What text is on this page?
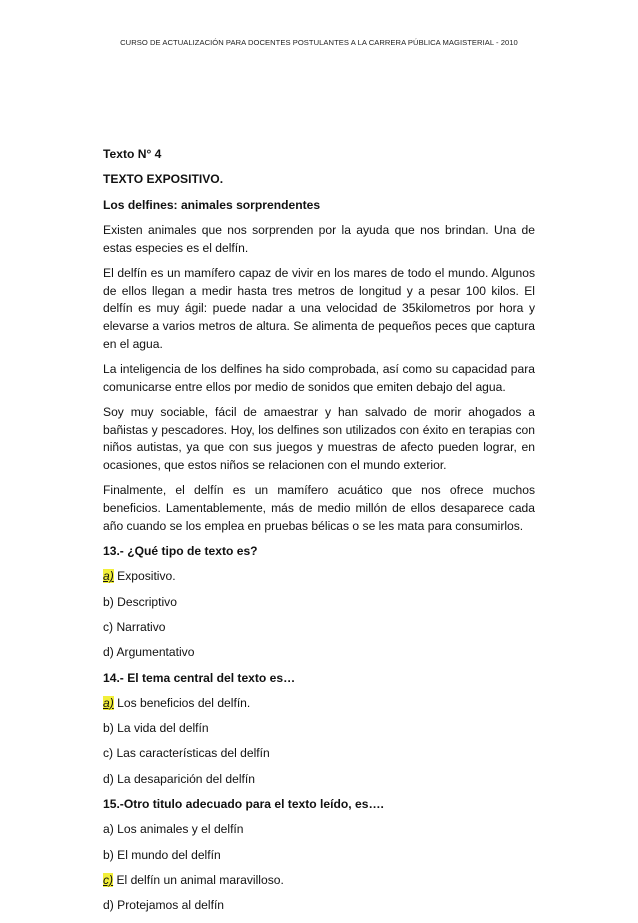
CURSO DE ACTUALIZACIÓN PARA DOCENTES POSTULANTES A LA CARRERA PÚBLICA MAGISTERIAL - 2010

Texto N° 4

TEXTO EXPOSITIVO.

Los delfines: animales sorprendentes

Existen animales que nos sorprenden por la ayuda que nos brindan. Una de estas especies es el delfín.

El delfín es un mamífero capaz de vivir en los mares de todo el mundo. Algunos de ellos llegan a medir hasta tres metros de longitud y a pesar 100 kilos. El delfín es muy ágil: puede nadar a una velocidad de 35kilometros por hora y elevarse a varios metros de altura. Se alimenta de pequeños peces que captura en el agua.

La inteligencia de los delfines ha sido comprobada, así como su capacidad para comunicarse entre ellos por medio de sonidos que emiten debajo del agua.

Soy muy sociable, fácil de amaestrar y han salvado de morir ahogados a bañistas y pescadores. Hoy, los delfines son utilizados con éxito en terapias con niños autistas, ya que con sus juegos y muestras de afecto pueden lograr, en ocasiones, que estos niños se relacionen con el mundo exterior.

Finalmente, el delfín es un mamífero acuático que nos ofrece muchos beneficios. Lamentablemente, más de medio millón de ellos desaparece cada año cuando se los emplea en pruebas bélicas o se les mata para consumirlos.

13.- ¿Qué tipo de texto es?

a) Expositivo.

b) Descriptivo

c) Narrativo

d) Argumentativo

14.- El tema central del texto es…

a) Los beneficios del delfín.

b) La vida del delfín

c) Las características del delfín

d) La desaparición del delfín

15.-Otro titulo adecuado para el texto leído, es….

a) Los animales y el delfín

b) El mundo del delfín

c) El delfín un animal maravilloso.

d) Protejamos al delfín
